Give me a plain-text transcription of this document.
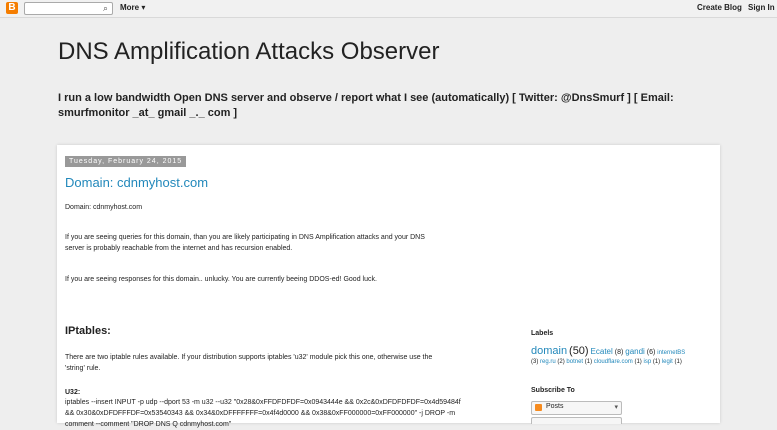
B	⌕	More ▾	Create Blog Sign In
DNS Amplification Attacks Observer
I run a low bandwidth Open DNS server and observe / report what I see (automatically) [ Twitter: @DnsSmurf ] [ Email: smurfmonitor _at_ gmail _._ com ]
Tuesday, February 24, 2015
Domain: cdnmyhost.com
Domain: cdnmyhost.com
If you are seeing queries for this domain, than you are likely participating in DNS Amplification attacks and your DNS
server is probably reachable from the internet and has recursion enabled.
If you are seeing responses for this domain.. unlucky. You are currently beeing DDOS-ed! Good luck.
IPtables:
There are two iptable rules available. If your distribution supports iptables 'u32' module pick this one, otherwise use the
'string' rule.
U32:
iptables --insert INPUT -p udp --dport 53 -m u32 --u32 "0x28&0xFFDFDFDF=0x0943444e && 0x2c&0xDFDFDFDF=0x4d59484f
&& 0x30&0xDFDFFFDF=0x53540343 && 0x34&0xDFFFFFFF=0x4f4d0000 && 0x38&0xFF000000=0xFF000000" -j DROP -m
comment --comment "DROP DNS Q cdnmyhost.com"
Labels
domain (50) Ecatel (8) gandi (6) internetBS
(3) reg.ru (2) botnet (1) cloudflare.com (1) isp (1) legit (1)
Subscribe To
Posts	▾
